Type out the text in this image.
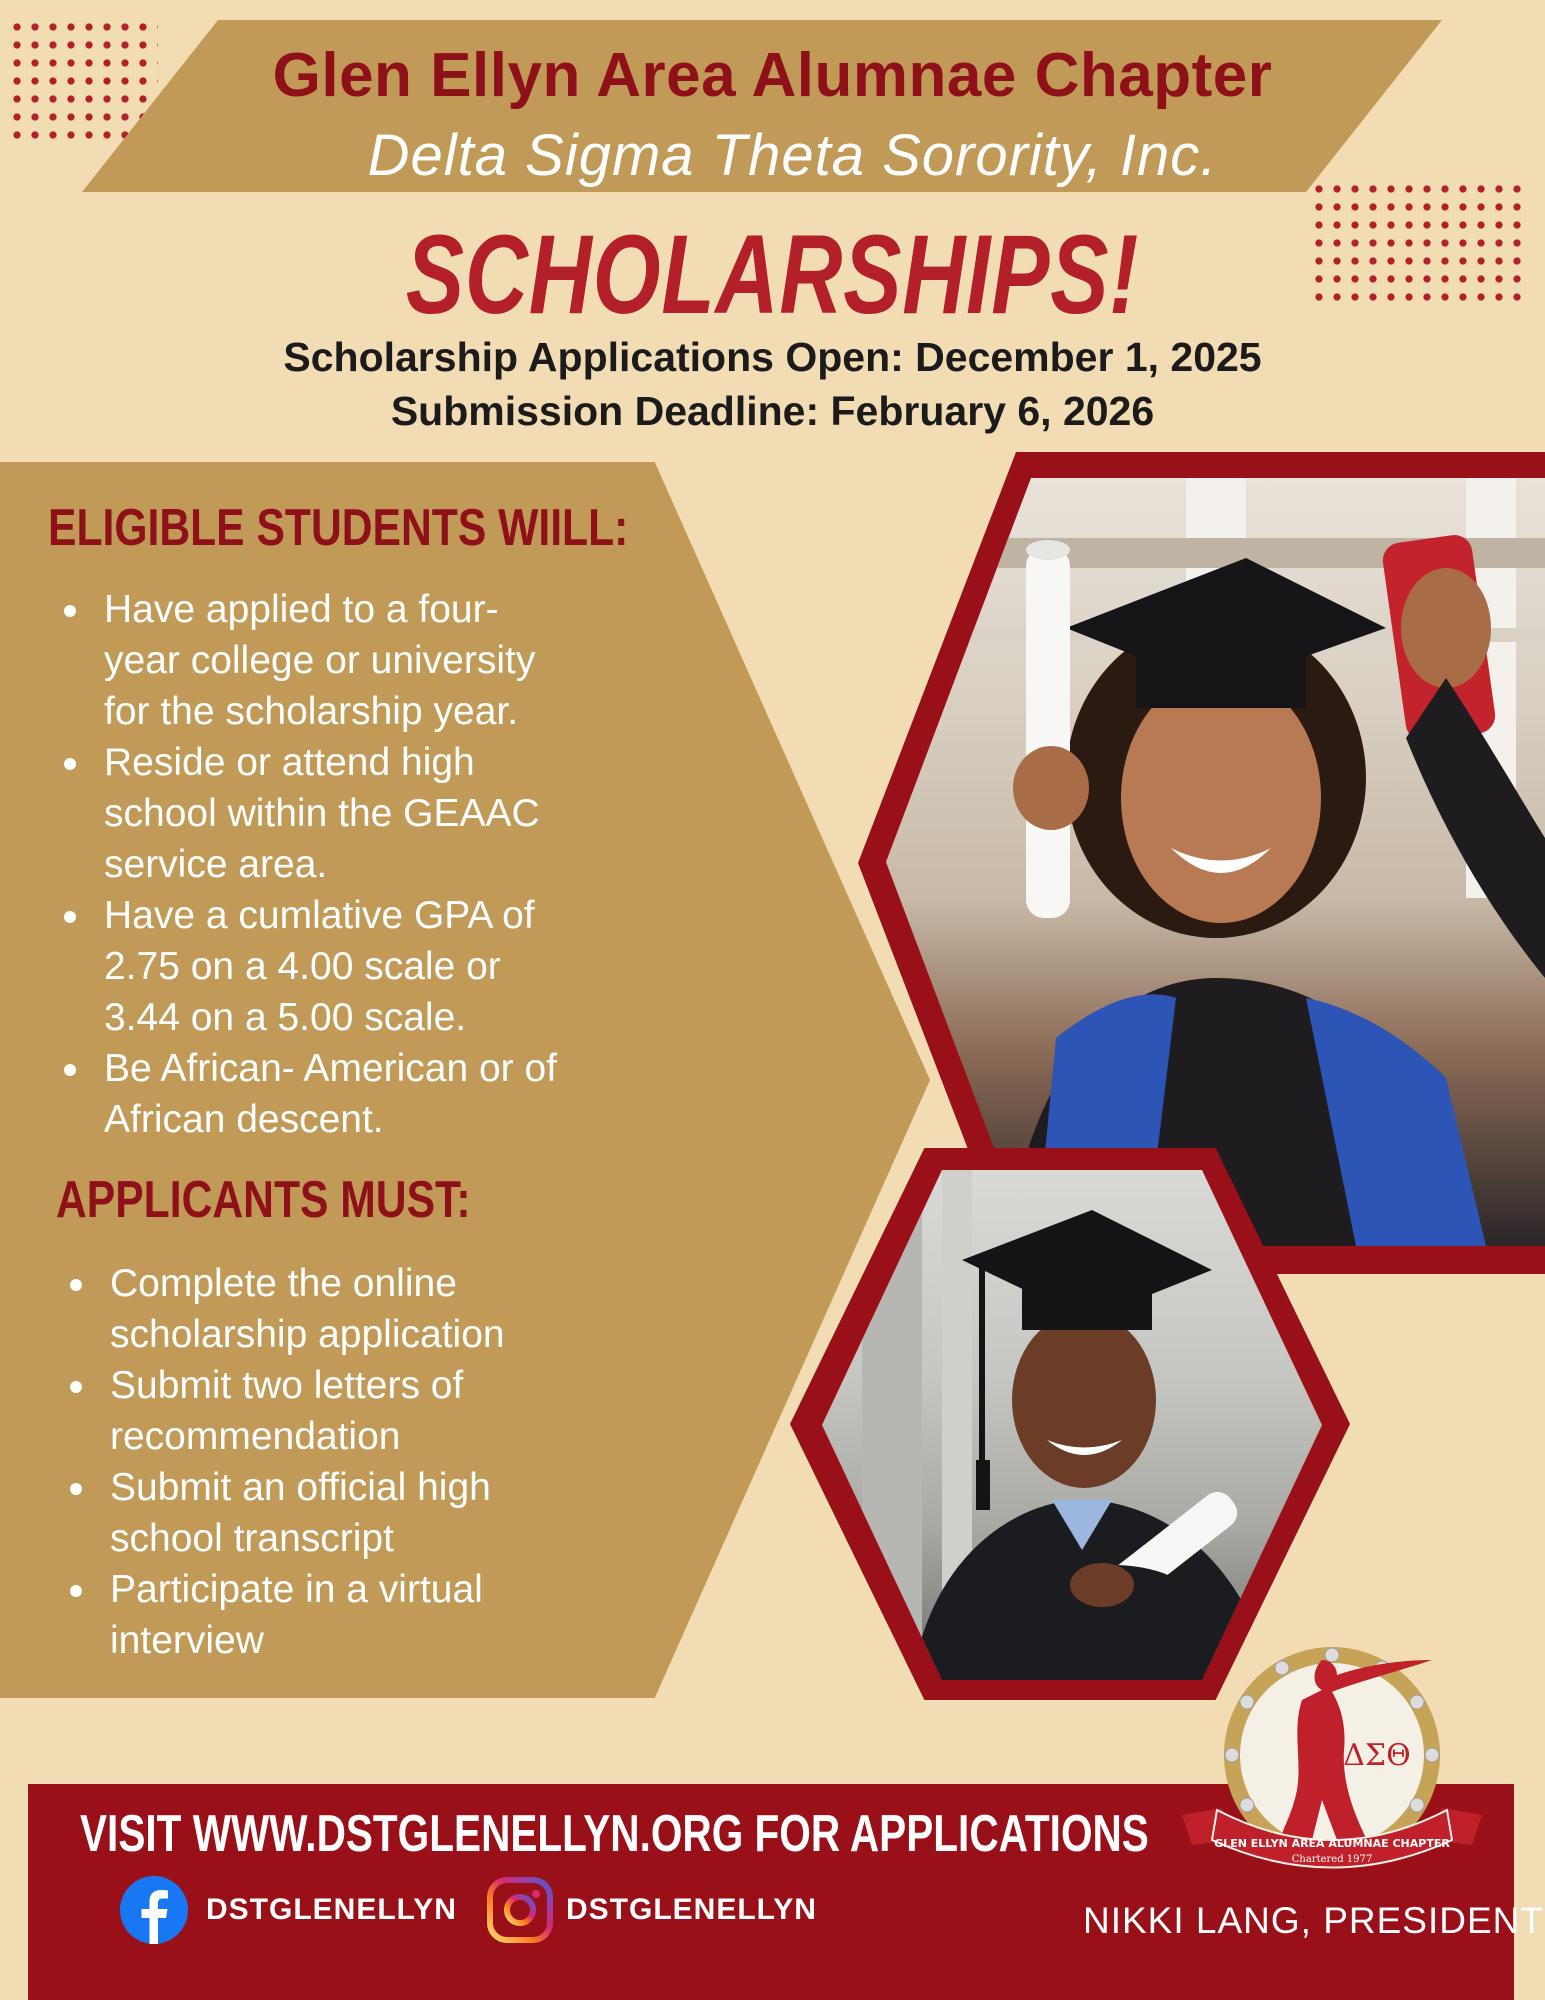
Glen Ellyn Area Alumnae Chapter
Delta Sigma Theta Sorority, Inc.
SCHOLARSHIPS!
Scholarship Applications Open: December 1, 2025
Submission Deadline: February 6, 2026
ELIGIBLE STUDENTS WIILL:
Have applied to a four-
year college or university
for the scholarship year.
Reside or attend high
school within the GEAAC
service area.
Have a cumlative GPA of
2.75 on a 4.00 scale or
3.44 on a 5.00 scale.
Be African- American or of
African descent.
APPLICANTS MUST:
Complete the online
scholarship application
Submit two letters of
recommendation
Submit an official high
school transcript
Participate in a virtual
interview
VISIT WWW.DSTGLENELLYN.ORG FOR APPLICATIONS
DSTGLENELLYN	DSTGLENELLYN	NIKKI LANG, PRESIDENT
ΔΣΘ
GLEN ELLYN AREA ALUMNAE CHAPTER
Chartered 1977
